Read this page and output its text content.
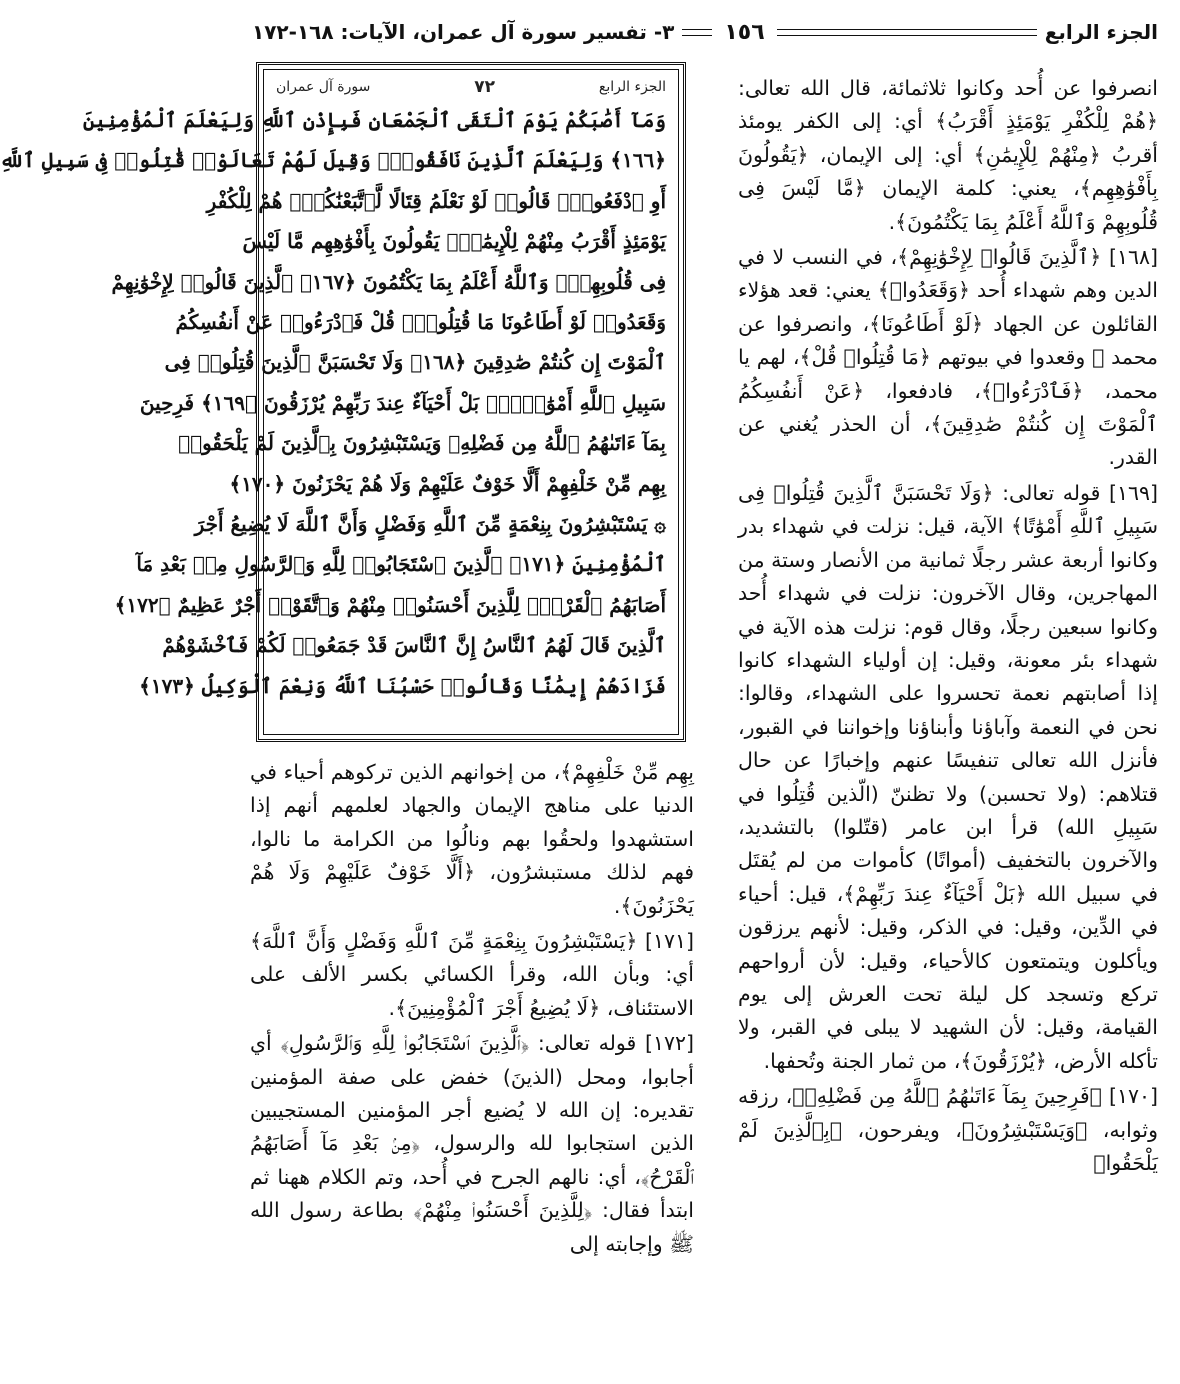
الجزء الرابع
١٥٦
٣- تفسير سورة آل عمران، الآيات: ١٦٨-١٧٢

انصرفوا عن أُحد وكانوا ثلاثمائة، قال الله تعالى: ﴿هُمْ لِلْكُفْرِ يَوْمَئِذٍ أَقْرَبُ﴾ أي: إلى الكفر يومئذ أقربُ ﴿مِنْهُمْ لِلْإِيمَٰنِ﴾ أي: إلى الإيمان، ﴿يَقُولُونَ بِأَفْوَٰهِهِم﴾، يعني: كلمة الإيمان ﴿مَّا لَيْسَ فِى قُلُوبِهِمْ وَٱللَّهُ أَعْلَمُ بِمَا يَكْتُمُونَ﴾.

[١٦٨] ﴿ٱلَّذِينَ قَالُوا۟ لِإِخْوَٰنِهِمْ﴾، في النسب لا في الدين وهم شهداء أُحد ﴿وَقَعَدُوا۟﴾ يعني: قعد هؤلاء القائلون عن الجهاد ﴿لَوْ أَطَاعُونَا﴾، وانصرفوا عن محمد ﷺ وقعدوا في بيوتهم ﴿مَا قُتِلُوا۟ قُلْ﴾، لهم يا محمد، ﴿فَٱدْرَءُوا۟﴾، فادفعوا، ﴿عَنْ أَنفُسِكُمُ ٱلْمَوْتَ إِن كُنتُمْ صَٰدِقِينَ﴾، أن الحذر يُغني عن القدر.

[١٦٩] قوله تعالى: ﴿وَلَا تَحْسَبَنَّ ٱلَّذِينَ قُتِلُوا۟ فِى سَبِيلِ ٱللَّهِ أَمْوَٰتًا﴾ الآية، قيل: نزلت في شهداء بدر وكانوا أربعة عشر رجلًا ثمانية من الأنصار وستة من المهاجرين، وقال الآخرون: نزلت في شهداء أُحد وكانوا سبعين رجلًا، وقال قوم: نزلت هذه الآية في شهداء بئر معونة، وقيل: إن أولياء الشهداء كانوا إذا أصابتهم نعمة تحسروا على الشهداء، وقالوا: نحن في النعمة وآباؤنا وأبناؤنا وإخواننا في القبور، فأنزل الله تعالى تنفيسًا عنهم وإخبارًا عن حال قتلاهم: (ولا تحسبن) ولا تظننّ (الّذين قُتِلُوا في سَبِيلِ الله) قرأ ابن عامر (قتّلوا) بالتشديد، والآخرون بالتخفيف (أمواتًا) كأموات من لم يُقتَل في سبيل الله ﴿بَلْ أَحْيَآءٌ عِندَ رَبِّهِمْ﴾، قيل: أحياء في الدِّين، وقيل: في الذكر، وقيل: لأنهم يرزقون ويأكلون ويتمتعون كالأحياء، وقيل: لأن أرواحهم تركع وتسجد كل ليلة تحت العرش إلى يوم القيامة، وقيل: لأن الشهيد لا يبلى في القبر، ولا تأكله الأرض، ﴿يُرْزَقُونَ﴾، من ثمار الجنة وتُحفها.

[١٧٠] ﴿فَرِحِينَ بِمَآ ءَاتَىٰهُمُ ٱللَّهُ مِن فَضْلِهِۦ﴾، رزقه وثوابه، ﴿وَيَسْتَبْشِرُونَ﴾، ويفرحون، ﴿بِٱلَّذِينَ لَمْ يَلْحَقُوا۟

الجزء الرابع
٧٢
سورة آل عمران
وَمَآ أَصَٰبَكُمْ يَوْمَ ٱلْتَقَى ٱلْجَمْعَانِ فَبِإِذْنِ ٱللَّهِ وَلِيَعْلَمَ ٱلْمُؤْمِنِينَ
﴿١٦٦﴾ وَلِيَعْلَمَ ٱلَّذِينَ نَافَقُوا۟ۚ وَقِيلَ لَهُمْ تَعَالَوْا۟ قَٰتِلُوا۟ فِى سَبِيلِ ٱللَّهِ
أَوِ ٱدْفَعُوا۟ۖ قَالُوا۟ لَوْ نَعْلَمُ قِتَالًا لَّٱتَّبَعْنَٰكُمْۗ هُمْ لِلْكُفْرِ
يَوْمَئِذٍ أَقْرَبُ مِنْهُمْ لِلْإِيمَٰنِۚ يَقُولُونَ بِأَفْوَٰهِهِم مَّا لَيْسَ
فِى قُلُوبِهِمْۗ وَٱللَّهُ أَعْلَمُ بِمَا يَكْتُمُونَ ﴿١٦٧﴾ ٱلَّذِينَ قَالُوا۟ لِإِخْوَٰنِهِمْ
وَقَعَدُوا۟ لَوْ أَطَاعُونَا مَا قُتِلُوا۟ۗ قُلْ فَٱدْرَءُوا۟ عَنْ أَنفُسِكُمُ
ٱلْمَوْتَ إِن كُنتُمْ صَٰدِقِينَ ﴿١٦٨﴾ وَلَا تَحْسَبَنَّ ٱلَّذِينَ قُتِلُوا۟ فِى
سَبِيلِ ٱللَّهِ أَمْوَٰتًۢاۚ بَلْ أَحْيَآءٌ عِندَ رَبِّهِمْ يُرْزَقُونَ ﴿١٦٩﴾ فَرِحِينَ
بِمَآ ءَاتَىٰهُمُ ٱللَّهُ مِن فَضْلِهِۦ وَيَسْتَبْشِرُونَ بِٱلَّذِينَ لَمْ يَلْحَقُوا۟
بِهِم مِّنْ خَلْفِهِمْ أَلَّا خَوْفٌ عَلَيْهِمْ وَلَا هُمْ يَحْزَنُونَ ﴿١٧٠﴾
۞ يَسْتَبْشِرُونَ بِنِعْمَةٍ مِّنَ ٱللَّهِ وَفَضْلٍ وَأَنَّ ٱللَّهَ لَا يُضِيعُ أَجْرَ
ٱلْمُؤْمِنِينَ ﴿١٧١﴾ ٱلَّذِينَ ٱسْتَجَابُوا۟ لِلَّهِ وَٱلرَّسُولِ مِنۢ بَعْدِ مَآ
أَصَابَهُمُ ٱلْقَرْحُۚ لِلَّذِينَ أَحْسَنُوا۟ مِنْهُمْ وَٱتَّقَوْا۟ أَجْرٌ عَظِيمٌ ﴿١٧٢﴾
ٱلَّذِينَ قَالَ لَهُمُ ٱلنَّاسُ إِنَّ ٱلنَّاسَ قَدْ جَمَعُوا۟ لَكُمْ فَٱخْشَوْهُمْ
فَزَادَهُمْ إِيمَٰنًا وَقَالُوا۟ حَسْبُنَا ٱللَّهُ وَنِعْمَ ٱلْوَكِيلُ ﴿١٧٣﴾

بِهِم مِّنْ خَلْفِهِمْ﴾، من إخوانهم الذين تركوهم أحياء في الدنيا على مناهج الإيمان والجهاد لعلمهم أنهم إذا استشهدوا ولحقُوا بهم ونالُوا من الكرامة ما نالوا، فهم لذلك مستبشرُون، ﴿أَلَّا خَوْفٌ عَلَيْهِمْ وَلَا هُمْ يَحْزَنُونَ﴾.

[١٧١] ﴿يَسْتَبْشِرُونَ بِنِعْمَةٍ مِّنَ ٱللَّهِ وَفَضْلٍ وَأَنَّ ٱللَّهَ﴾ أي: وبأن الله، وقرأ الكسائي بكسر الألف على الاستئناف، ﴿لَا يُضِيعُ أَجْرَ ٱلْمُؤْمِنِينَ﴾.

[١٧٢] قوله تعالى: ﴿ٱلَّذِينَ ٱسْتَجَابُوا۟ لِلَّهِ وَٱلرَّسُولِ﴾ أي أجابوا، ومحل (الذينَ) خفض على صفة المؤمنين تقديره: إن الله لا يُضيع أجر المؤمنين المستجيبين الذين استجابوا لله والرسول، ﴿مِنۢ بَعْدِ مَآ أَصَابَهُمُ ٱلْقَرْحُ﴾، أي: نالهم الجرح في أُحد، وتم الكلام ههنا ثم ابتدأ فقال: ﴿لِلَّذِينَ أَحْسَنُوا۟ مِنْهُمْ﴾ بطاعة رسول الله ﷺ وإجابته إلى
